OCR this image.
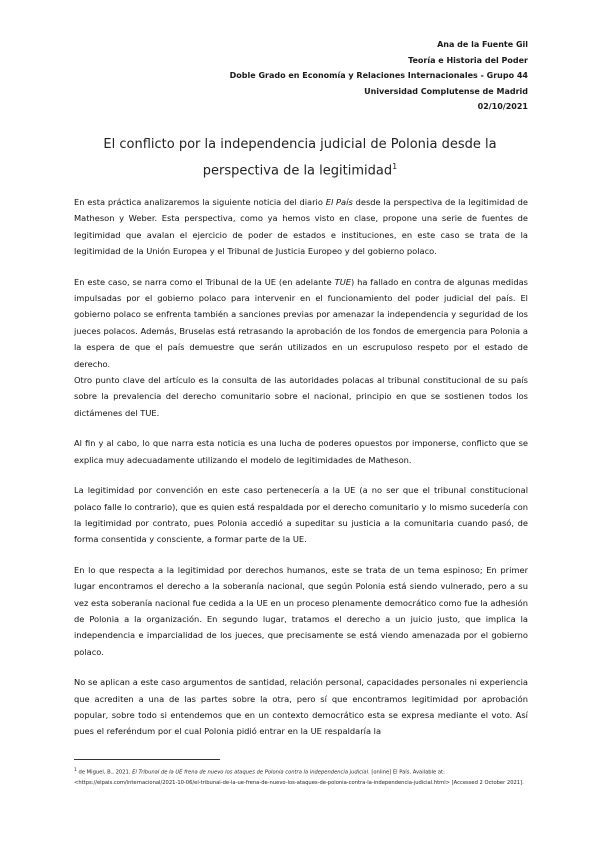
Ana de la Fuente Gil
Teoría e Historia del Poder
Doble Grado en Economía y Relaciones Internacionales - Grupo 44
Universidad Complutense de Madrid
02/10/2021
El conflicto por la independencia judicial de Polonia desde la perspectiva de la legitimidad$^1$

En esta práctica analizaremos la siguiente noticia del diario El País desde la perspectiva de la legitimidad de Matheson y Weber. Esta perspectiva, como ya hemos visto en clase, propone una serie de fuentes de legitimidad que avalan el ejercicio de poder de estados e instituciones, en este caso se trata de la legitimidad de la Unión Europea y el Tribunal de Justicia Europeo y del gobierno polaco.

En este caso, se narra como el Tribunal de la UE (en adelante TUE) ha fallado en contra de algunas medidas impulsadas por el gobierno polaco para intervenir en el funcionamiento del poder judicial del país. El gobierno polaco se enfrenta también a sanciones previas por amenazar la independencia y seguridad de los jueces polacos. Además, Bruselas está retrasando la aprobación de los fondos de emergencia para Polonia a la espera de que el país demuestre que serán utilizados en un escrupuloso respeto por el estado de derecho.

Otro punto clave del artículo es la consulta de las autoridades polacas al tribunal constitucional de su país sobre la prevalencia del derecho comunitario sobre el nacional, principio en que se sostienen todos los dictámenes del TUE.

Al fin y al cabo, lo que narra esta noticia es una lucha de poderes opuestos por imponerse, conflicto que se explica muy adecuadamente utilizando el modelo de legitimidades de Matheson.

La legitimidad por convención en este caso pertenecería a la UE (a no ser que el tribunal constitucional polaco falle lo contrario), que es quien está respaldada por el derecho comunitario y lo mismo sucedería con la legitimidad por contrato, pues Polonia accedió a supeditar su justicia a la comunitaria cuando pasó, de forma consentida y consciente, a formar parte de la UE.

En lo que respecta a la legitimidad por derechos humanos, este se trata de un tema espinoso; En primer lugar encontramos el derecho a la soberanía nacional, que según Polonia está siendo vulnerado, pero a su vez esta soberanía nacional fue cedida a la UE en un proceso plenamente democrático como fue la adhesión de Polonia a la organización. En segundo lugar, tratamos el derecho a un juicio justo, que implica la independencia e imparcialidad de los jueces, que precisamente se está viendo amenazada por el gobierno polaco.

No se aplican a este caso argumentos de santidad, relación personal, capacidades personales ni experiencia que acrediten a una de las partes sobre la otra, pero sí que encontramos legitimidad por aprobación popular, sobre todo si entendemos que en un contexto democrático esta se expresa mediante el voto. Así pues el referéndum por el cual Polonia pidió entrar en la UE respaldaría la

$^1$ de Miguel, B., 2021. El Tribunal de la UE frena de nuevo los ataques de Polonia contra la independencia judicial. [online] El País. Available at: <https://elpais.com/internacional/2021-10-06/el-tribunal-de-la-ue-frena-de-nuevo-los-ataques-de-polonia-contra-la-independencia-judicial.html> [Accessed 2 October 2021].
